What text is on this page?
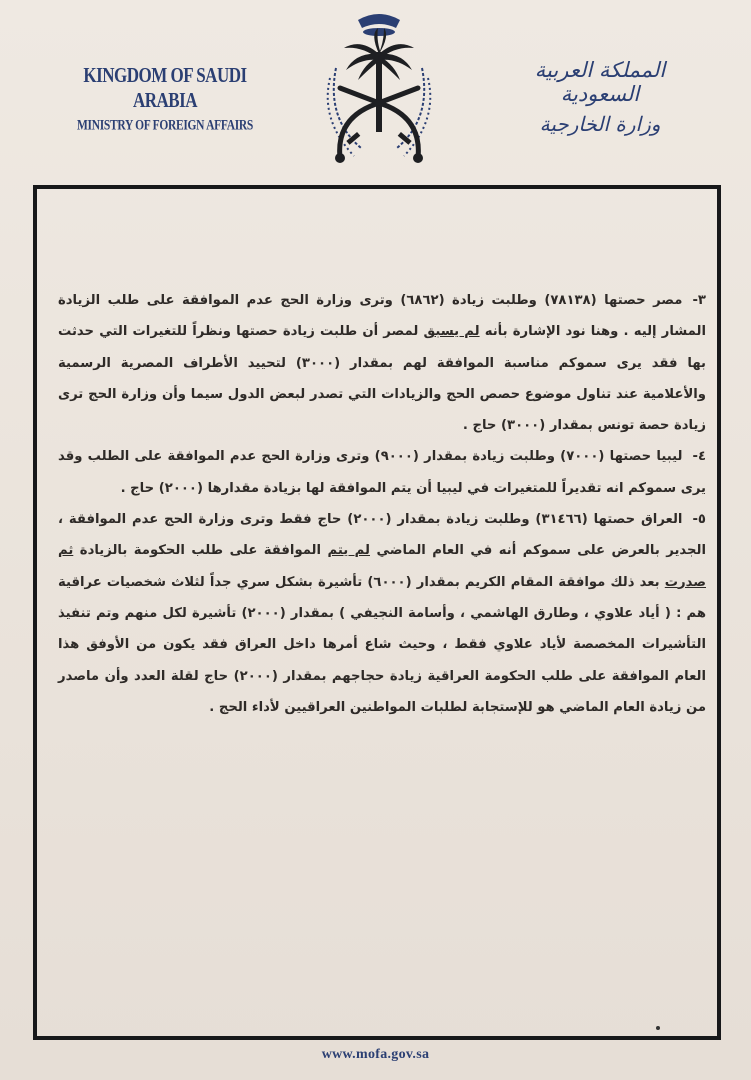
KINGDOM OF SAUDI ARABIA
MINISTRY OF FOREIGN AFFAIRS
المملكة العربية السعودية
وزارة الخارجية

٣-مصر حصتها (٧٨١٣٨) وطلبت زيادة (٦٨٦٢) وترى وزارة الحج عدم الموافقة على طلب الزيادة المشار إليه . وهنا نود الإشارة بأنه لم يسبق لمصر أن طلبت زيادة حصتها ونظراً للتغيرات التي حدثت بها فقد يرى سموكم مناسبة الموافقة لهم بمقدار (٣٠٠٠) لتحييد الأطراف المصرية الرسمية والأعلامية عند تناول موضوع حصص الحج والزيادات التي تصدر لبعض الدول سيما وأن وزارة الحج ترى زيادة حصة تونس بمقدار (٣٠٠٠) حاج .

٤-ليبيا حصتها (٧٠٠٠) وطلبت زيادة بمقدار (٩٠٠٠) وترى وزارة الحج عدم الموافقة على الطلب وقد يرى سموكم انه تقديراً للمتغيرات في ليبيا أن يتم الموافقة لها بزيادة مقدارها (٢٠٠٠) حاج .

٥-العراق حصتها (٣١٤٦٦) وطلبت زيادة بمقدار (٢٠٠٠) حاج فقط وترى وزارة الحج عدم الموافقة ، الجدير بالعرض على سموكم أنه في العام الماضي لم يتم الموافقة على طلب الحكومة بالزيادة ثم صدرت بعد ذلك موافقة المقام الكريم بمقدار (٦٠٠٠) تأشيرة بشكل سري جداً لثلاث شخصيات عراقية هم : ( أياد علاوي ، وطارق الهاشمي ، وأسامة النجيفي ) بمقدار (٢٠٠٠) تأشيرة لكل منهم وتم تنفيذ التأشيرات المخصصة لأياد علاوي فقط ، وحيث شاع أمرها داخل العراق فقد يكون من الأوفق هذا العام الموافقة على طلب الحكومة العراقية زيادة حجاجهم بمقدار (٢٠٠٠) حاج لقلة العدد وأن ماصدر من زيادة العام الماضي هو للإستجابة لطلبات المواطنين العراقيين لأداء الحج .

www.mofa.gov.sa
